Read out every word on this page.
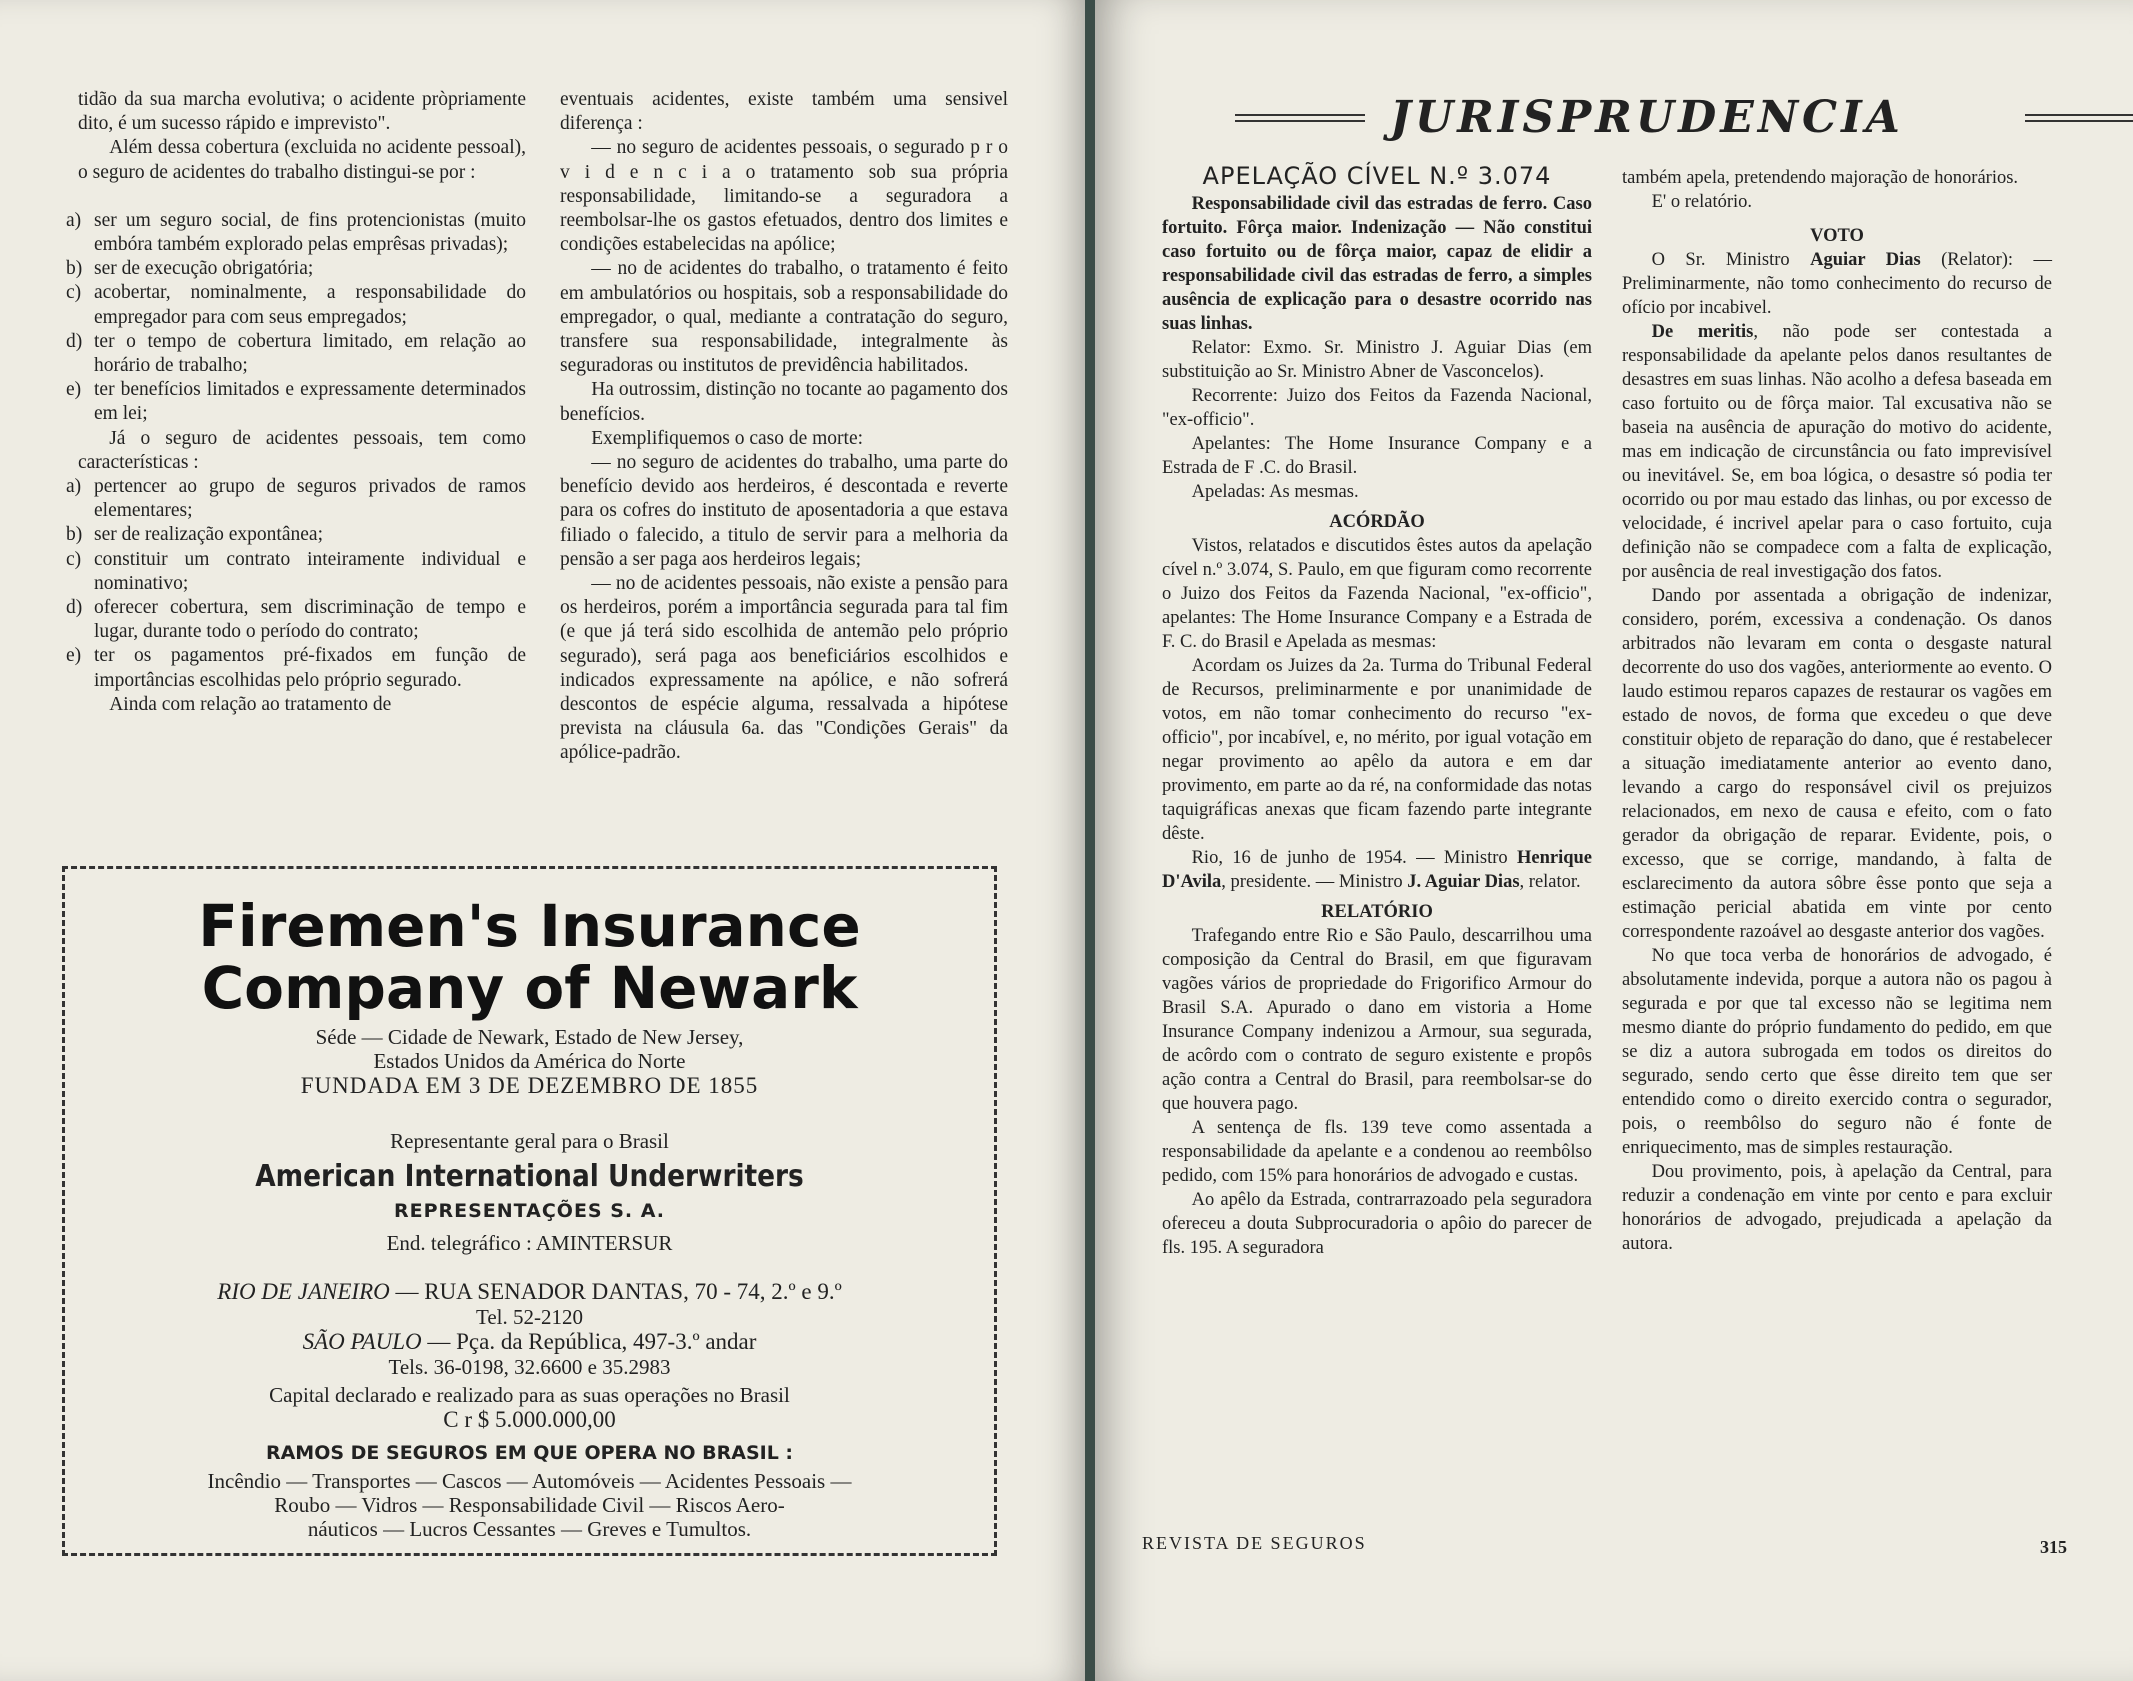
tidão da sua marcha evolutiva; o acidente pròpriamente dito, é um sucesso rápido e imprevisto".

Além dessa cobertura (excluida no acidente pessoal), o seguro de acidentes do trabalho distingui-se por :

a) ser um seguro social, de fins protencionistas (muito embóra também explorado pelas emprêsas privadas);
b) ser de execução obrigatória;
c) acobertar, nominalmente, a responsabilidade do empregador para com seus empregados;
d) ter o tempo de cobertura limitado, em relação ao horário de trabalho;
e) ter benefícios limitados e expressamente determinados em lei;

Já o seguro de acidentes pessoais, tem como características :

a) pertencer ao grupo de seguros privados de ramos elementares;
b) ser de realização expontânea;
c) constituir um contrato inteiramente individual e nominativo;
d) oferecer cobertura, sem discriminação de tempo e lugar, durante todo o período do contrato;
e) ter os pagamentos pré-fixados em função de importâncias escolhidas pelo próprio segurado.

Ainda com relação ao tratamento de

eventuais acidentes, existe também uma sensivel diferença :

— no seguro de acidentes pessoais, o segurado p r o v i d e n c i a o tratamento sob sua própria responsabilidade, limitando-se a seguradora a reembolsar-lhe os gastos efetuados, dentro dos limites e condições estabelecidas na apólice;

— no de acidentes do trabalho, o tratamento é feito em ambulatórios ou hospitais, sob a responsabilidade do empregador, o qual, mediante a contratação do seguro, transfere sua responsabilidade, integralmente às seguradoras ou institutos de previdência habilitados.

Ha outrossim, distinção no tocante ao pagamento dos benefícios.

Exemplifiquemos o caso de morte:

— no seguro de acidentes do trabalho, uma parte do benefício devido aos herdeiros, é descontada e reverte para os cofres do instituto de aposentadoria a que estava filiado o falecido, a titulo de servir para a melhoria da pensão a ser paga aos herdeiros legais;

— no de acidentes pessoais, não existe a pensão para os herdeiros, porém a importância segurada para tal fim (e que já terá sido escolhida de antemão pelo próprio segurado), será paga aos beneficiários escolhidos e indicados expressamente na apólice, e não sofrerá descontos de espécie alguma, ressalvada a hipótese prevista na cláusula 6a. das "Condições Gerais" da apólice-padrão.

Firemen's Insurance
Company of Newark
Séde — Cidade de Newark, Estado de New Jersey,
Estados Unidos da América do Norte
FUNDADA EM 3 DE DEZEMBRO DE 1855
Representante geral para o Brasil
American International Underwriters
REPRESENTAÇÕES S. A.
End. telegráfico : AMINTERSUR
RIO DE JANEIRO — RUA SENADOR DANTAS, 70 - 74, 2.º e 9.º
Tel. 52-2120
SÃO PAULO — Pça. da República, 497-3.º andar
Tels. 36-0198, 32.6600 e 35.2983
Capital declarado e realizado para as suas operações no Brasil
C r $ 5.000.000,00
RAMOS DE SEGUROS EM QUE OPERA NO BRASIL :
Incêndio — Transportes — Cascos — Automóveis — Acidentes Pessoais —
Roubo — Vidros — Responsabilidade Civil — Riscos Aero-
náuticos — Lucros Cessantes — Greves e Tumultos.
JURISPRUDENCIA
APELAÇÃO CÍVEL N.º 3.074

Responsabilidade civil das estradas de ferro. Caso fortuito. Fôrça maior. Indenização — Não constitui caso fortuito ou de fôrça maior, capaz de elidir a responsabilidade civil das estradas de ferro, a simples ausência de explicação para o desastre ocorrido nas suas linhas.

Relator: Exmo. Sr. Ministro J. Aguiar Dias (em substituição ao Sr. Ministro Abner de Vasconcelos).

Recorrente: Juizo dos Feitos da Fazenda Nacional, "ex-officio".

Apelantes: The Home Insurance Company e a Estrada de F .C. do Brasil.

Apeladas: As mesmas.

ACÓRDÃO

Vistos, relatados e discutidos êstes autos da apelação cível n.º 3.074, S. Paulo, em que figuram como recorrente o Juizo dos Feitos da Fazenda Nacional, "ex-officio", apelantes: The Home Insurance Company e a Estrada de F. C. do Brasil e Apelada as mesmas:

Acordam os Juizes da 2a. Turma do Tribunal Federal de Recursos, preliminarmente e por unanimidade de votos, em não tomar conhecimento do recurso "ex-officio", por incabível, e, no mérito, por igual votação em negar provimento ao apêlo da autora e em dar provimento, em parte ao da ré, na conformidade das notas taquigráficas anexas que ficam fazendo parte integrante dêste.

Rio, 16 de junho de 1954. — Ministro Henrique D'Avila, presidente. — Ministro J. Aguiar Dias, relator.

RELATÓRIO

Trafegando entre Rio e São Paulo, descarrilhou uma composição da Central do Brasil, em que figuravam vagões vários de propriedade do Frigorifico Armour do Brasil S.A. Apurado o dano em vistoria a Home Insurance Company indenizou a Armour, sua segurada, de acôrdo com o contrato de seguro existente e propôs ação contra a Central do Brasil, para reembolsar-se do que houvera pago.

A sentença de fls. 139 teve como assentada a responsabilidade da apelante e a condenou ao reembôlso pedido, com 15% para honorários de advogado e custas.

Ao apêlo da Estrada, contrarrazoado pela seguradora ofereceu a douta Subprocuradoria o apôio do parecer de fls. 195. A seguradora

também apela, pretendendo majoração de honorários.

E' o relatório.

VOTO

O Sr. Ministro Aguiar Dias (Relator): — Preliminarmente, não tomo conhecimento do recurso de ofício por incabivel.

De meritis, não pode ser contestada a responsabilidade da apelante pelos danos resultantes de desastres em suas linhas. Não acolho a defesa baseada em caso fortuito ou de fôrça maior. Tal excusativa não se baseia na ausência de apuração do motivo do acidente, mas em indicação de circunstância ou fato imprevisível ou inevitável. Se, em boa lógica, o desastre só podia ter ocorrido ou por mau estado das linhas, ou por excesso de velocidade, é incrivel apelar para o caso fortuito, cuja definição não se compadece com a falta de explicação, por ausência de real investigação dos fatos.

Dando por assentada a obrigação de indenizar, considero, porém, excessiva a condenação. Os danos arbitrados não levaram em conta o desgaste natural decorrente do uso dos vagões, anteriormente ao evento. O laudo estimou reparos capazes de restaurar os vagões em estado de novos, de forma que excedeu o que deve constituir objeto de reparação do dano, que é restabelecer a situação imediatamente anterior ao evento dano, levando a cargo do responsável civil os prejuizos relacionados, em nexo de causa e efeito, com o fato gerador da obrigação de reparar. Evidente, pois, o excesso, que se corrige, mandando, à falta de esclarecimento da autora sôbre êsse ponto que seja a estimação pericial abatida em vinte por cento correspondente razoável ao desgaste anterior dos vagões.

No que toca verba de honorários de advogado, é absolutamente indevida, porque a autora não os pagou à segurada e por que tal excesso não se legitima nem mesmo diante do próprio fundamento do pedido, em que se diz a autora subrogada em todos os direitos do segurado, sendo certo que êsse direito tem que ser entendido como o direito exercido contra o segurador, pois, o reembôlso do seguro não é fonte de enriquecimento, mas de simples restauração.

Dou provimento, pois, à apelação da Central, para reduzir a condenação em vinte por cento e para excluir honorários de advogado, prejudicada a apelação da autora.

REVISTA DE SEGUROS	315
